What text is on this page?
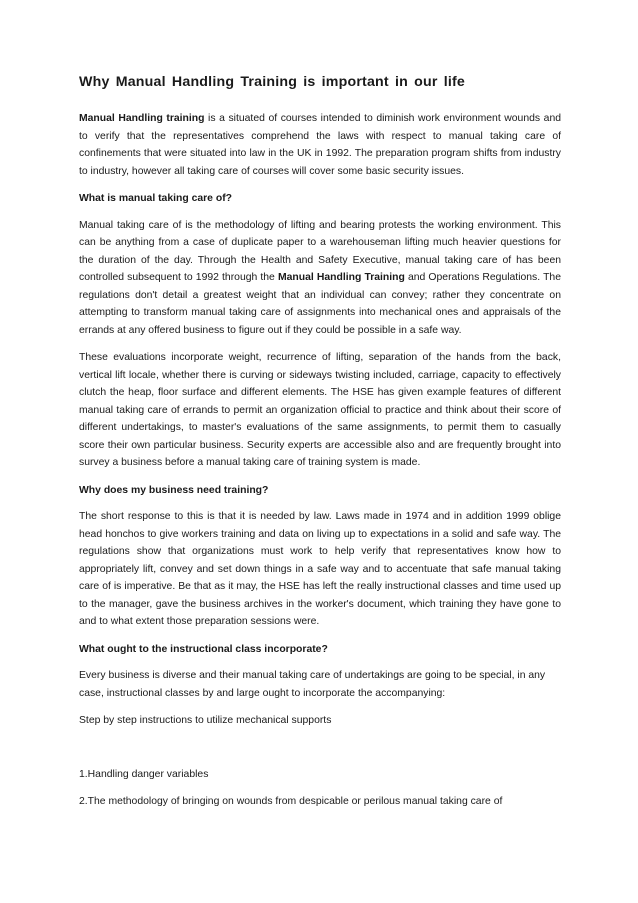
Why Manual Handling Training is important in our life

Manual Handling training is a situated of courses intended to diminish work environment wounds and to verify that the representatives comprehend the laws with respect to manual taking care of confinements that were situated into law in the UK in 1992. The preparation program shifts from industry to industry, however all taking care of courses will cover some basic security issues.

What is manual taking care of?

Manual taking care of is the methodology of lifting and bearing protests the working environment. This can be anything from a case of duplicate paper to a warehouseman lifting much heavier questions for the duration of the day. Through the Health and Safety Executive, manual taking care of has been controlled subsequent to 1992 through the Manual Handling Training and Operations Regulations. The regulations don't detail a greatest weight that an individual can convey; rather they concentrate on attempting to transform manual taking care of assignments into mechanical ones and appraisals of the errands at any offered business to figure out if they could be possible in a safe way.

These evaluations incorporate weight, recurrence of lifting, separation of the hands from the back, vertical lift locale, whether there is curving or sideways twisting included, carriage, capacity to effectively clutch the heap, floor surface and different elements. The HSE has given example features of different manual taking care of errands to permit an organization official to practice and think about their score of different undertakings, to master's evaluations of the same assignments, to permit them to casually score their own particular business. Security experts are accessible also and are frequently brought into survey a business before a manual taking care of training system is made.

Why does my business need training?

The short response to this is that it is needed by law. Laws made in 1974 and in addition 1999 oblige head honchos to give workers training and data on living up to expectations in a solid and safe way. The regulations show that organizations must work to help verify that representatives know how to appropriately lift, convey and set down things in a safe way and to accentuate that safe manual taking care of is imperative. Be that as it may, the HSE has left the really instructional classes and time used up to the manager, gave the business archives in the worker's document, which training they have gone to and to what extent those preparation sessions were.

What ought to the instructional class incorporate?

Every business is diverse and their manual taking care of undertakings are going to be special, in any case, instructional classes by and large ought to incorporate the accompanying:

Step by step instructions to utilize mechanical supports

1.Handling danger variables

2.The methodology of bringing on wounds from despicable or perilous manual taking care of
